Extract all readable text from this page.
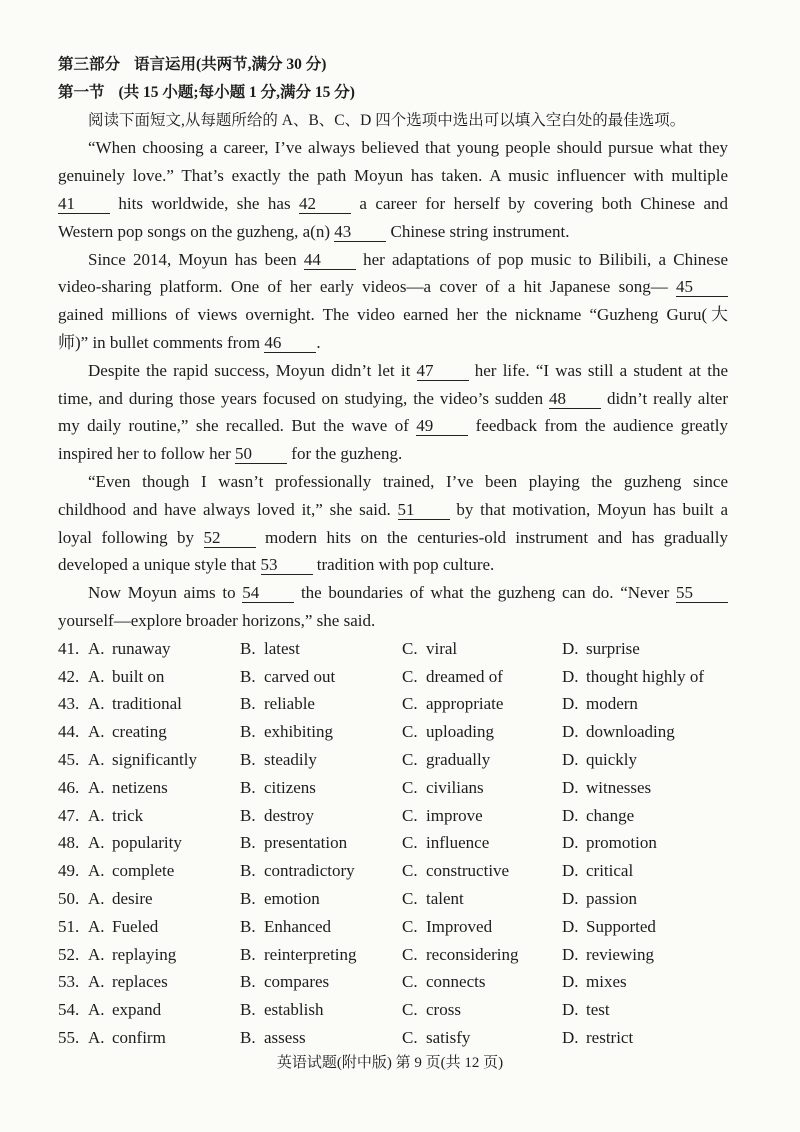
第三部分 语言运用(共两节,满分 30 分)
第一节 (共 15 小题;每小题 1 分,满分 15 分)
阅读下面短文,从每题所给的 A、B、C、D 四个选项中选出可以填入空白处的最佳选项。
“When choosing a career, I’ve always believed that young people should pursue what they
genuinely love.” That’s exactly the path Moyun has taken. A music influencer with multiple
41 hits worldwide, she has 42 a career for herself by covering both Chinese and
Western pop songs on the guzheng, a(n) 43 Chinese string instrument.
Since 2014, Moyun has been 44 her adaptations of pop music to Bilibili, a Chinese
video-sharing platform. One of her early videos—a cover of a hit Japanese song— 45
gained millions of views overnight. The video earned her the nickname “Guzheng Guru(大
师)” in bullet comments from 46 .
Despite the rapid success, Moyun didn’t let it 47 her life. “I was still a student at the
time, and during those years focused on studying, the video’s sudden 48 didn’t really alter
my daily routine,” she recalled. But the wave of 49 feedback from the audience greatly
inspired her to follow her 50 for the guzheng.
“Even though I wasn’t professionally trained, I’ve been playing the guzheng since
childhood and have always loved it,” she said. 51 by that motivation, Moyun has built a
loyal following by 52 modern hits on the centuries-old instrument and has gradually
developed a unique style that 53 tradition with pop culture.
Now Moyun aims to 54 the boundaries of what the guzheng can do. “Never 55
yourself—explore broader horizons,” she said.
41. A. runaway	B. latest	C. viral	D. surprise
42. A. built on	B. carved out	C. dreamed of	D. thought highly of
43. A. traditional	B. reliable	C. appropriate	D. modern
44. A. creating	B. exhibiting	C. uploading	D. downloading
45. A. significantly	B. steadily	C. gradually	D. quickly
46. A. netizens	B. citizens	C. civilians	D. witnesses
47. A. trick	B. destroy	C. improve	D. change
48. A. popularity	B. presentation	C. influence	D. promotion
49. A. complete	B. contradictory	C. constructive	D. critical
50. A. desire	B. emotion	C. talent	D. passion
51. A. Fueled	B. Enhanced	C. Improved	D. Supported
52. A. replaying	B. reinterpreting	C. reconsidering	D. reviewing
53. A. replaces	B. compares	C. connects	D. mixes
54. A. expand	B. establish	C. cross	D. test
55. A. confirm	B. assess	C. satisfy	D. restrict
英语试题(附中版) 第 9 页(共 12 页)
